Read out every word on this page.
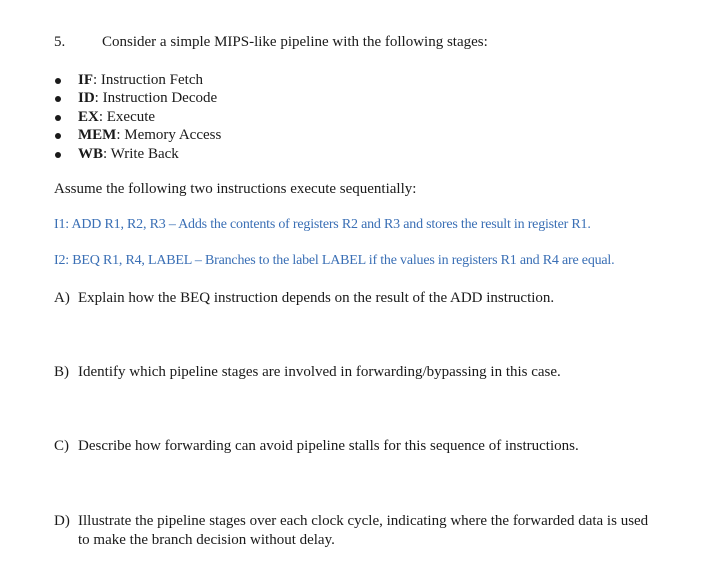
5. Consider a simple MIPS-like pipeline with the following stages:
IF: Instruction Fetch
ID: Instruction Decode
EX: Execute
MEM: Memory Access
WB: Write Back
Assume the following two instructions execute sequentially:
I1: ADD R1, R2, R3 – Adds the contents of registers R2 and R3 and stores the result in register R1.
I2: BEQ R1, R4, LABEL – Branches to the label LABEL if the values in registers R1 and R4 are equal.
A) Explain how the BEQ instruction depends on the result of the ADD instruction.
B) Identify which pipeline stages are involved in forwarding/bypassing in this case.
C) Describe how forwarding can avoid pipeline stalls for this sequence of instructions.
D) Illustrate the pipeline stages over each clock cycle, indicating where the forwarded data is used
to make the branch decision without delay.
